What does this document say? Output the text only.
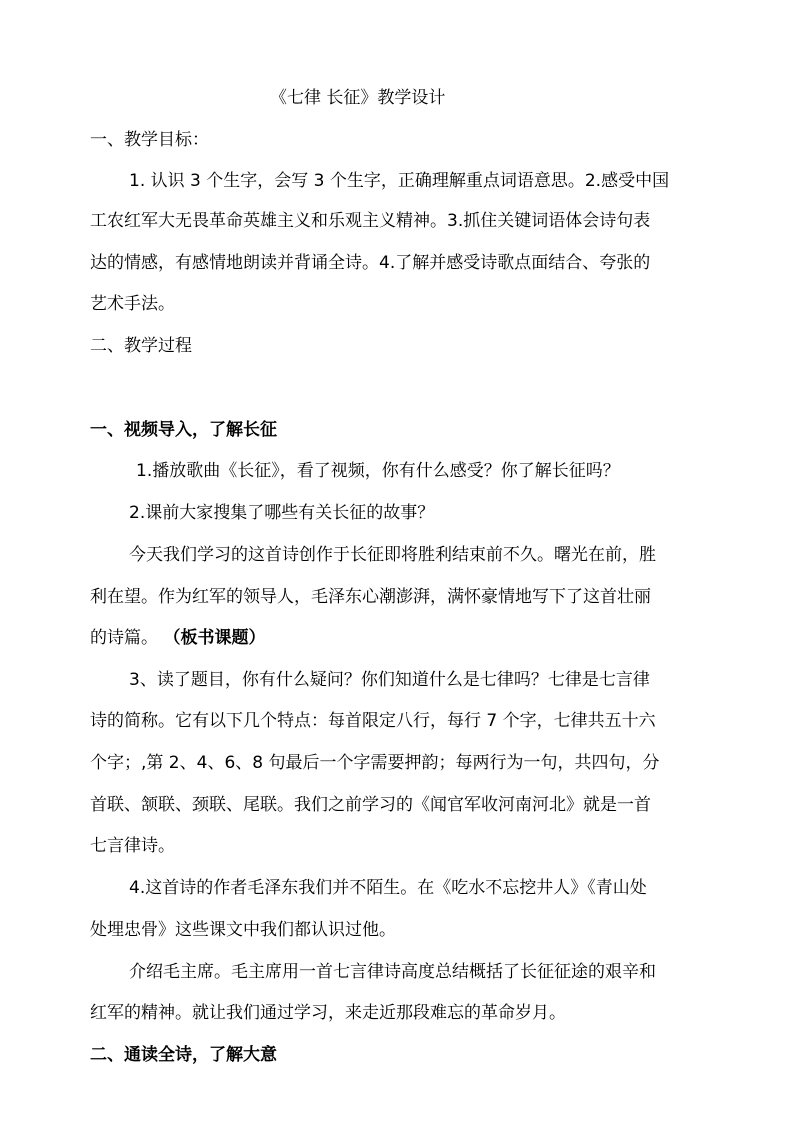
《七律 长征》教学设计
一、教学目标：
1. 认识 3 个生字，会写 3 个生字，正确理解重点词语意思。2.感受中国
工农红军大无畏革命英雄主义和乐观主义精神。3.抓住关键词语体会诗句表
达的情感，有感情地朗读并背诵全诗。4.了解并感受诗歌点面结合、夸张的
艺术手法。
二、教学过程
一、视频导入，了解长征
1.播放歌曲《长征》，看了视频，你有什么感受？你了解长征吗？
2.课前大家搜集了哪些有关长征的故事？
今天我们学习的这首诗创作于长征即将胜利结束前不久。曙光在前，胜
利在望。作为红军的领导人，毛泽东心潮澎湃，满怀豪情地写下了这首壮丽
的诗篇。 （板书课题）
3、读了题目，你有什么疑问？你们知道什么是七律吗？七律是七言律
诗的简称。它有以下几个特点：每首限定八行，每行 7 个字，七律共五十六
个字；,第 2、4、6、8 句最后一个字需要押韵；每两行为一句，共四句，分
首联、颔联、颈联、尾联。我们之前学习的《闻官军收河南河北》就是一首
七言律诗。
4.这首诗的作者毛泽东我们并不陌生。在《吃水不忘挖井人》《青山处
处埋忠骨》这些课文中我们都认识过他。
介绍毛主席。毛主席用一首七言律诗高度总结概括了长征征途的艰辛和
红军的精神。就让我们通过学习，来走近那段难忘的革命岁月。
二、通读全诗，了解大意
